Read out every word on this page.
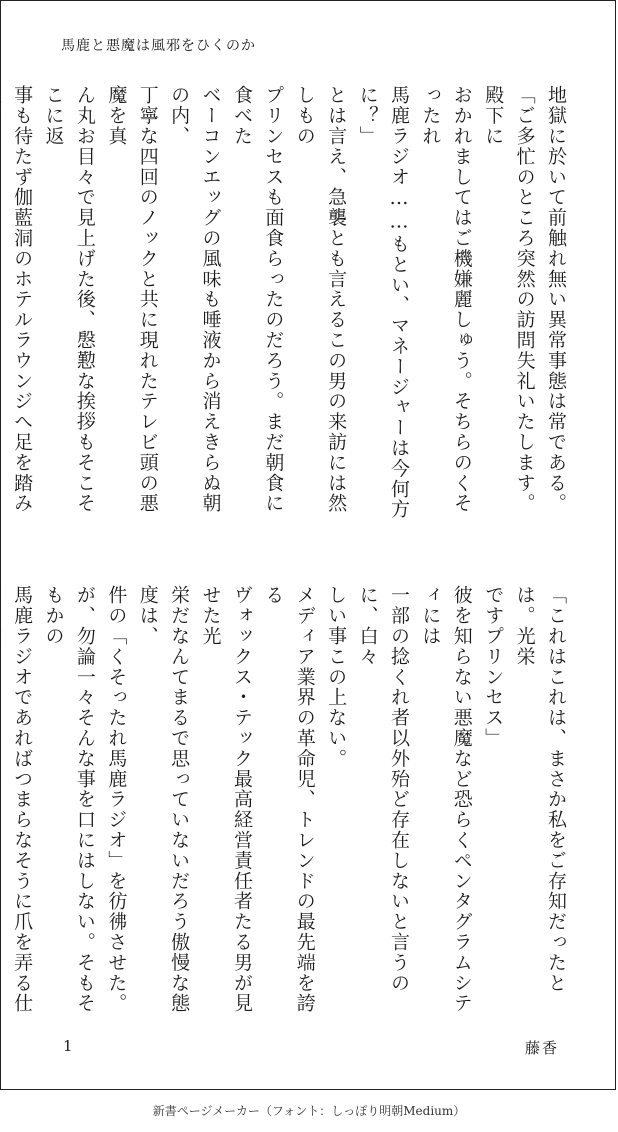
馬鹿と悪魔は風邪をひくのか

地獄に於いて前触れ無い異常事態は常である。

「ご多忙のところ突然の訪問失礼いたします。殿下に

おかれましてはご機嫌麗しゅう。そちらのくそったれ

馬鹿ラジオ……もとい、マネージャーは今何方に？」

とは言え、急襲とも言えるこの男の来訪には然しもの

プリンセスも面食らったのだろう。まだ朝食に食べた

ベーコンエッグの風味も唾液から消えきらぬ朝の内、

丁寧な四回のノックと共に現れたテレビ頭の悪魔を真

ん丸お目々で見上げた後、慇懃な挨拶もそこそこに返

事も待たず伽藍洞のホテルラウンジへ足を踏み

「これはこれは、まさか私をご存知だったとは。光栄

ですプリンセス」

彼を知らない悪魔など恐らくペンタグラムシティには

一部の捻くれ者以外殆ど存在しないと言うのに、白々

しい事この上ない。

メディア業界の革命児、トレンドの最先端を誇る

ヴォックス・テック最高経営責任者たる男が見せた光

栄だなんてまるで思っていないだろう傲慢な態度は、

件の「くそったれ馬鹿ラジオ」を彷彿させた。

が、勿論一々そんな事を口にはしない。そもそもかの

馬鹿ラジオであればつまらなそうに爪を弄る仕

1	藤香
新書ページメーカー（フォント：しっぽり明朝Medium）
